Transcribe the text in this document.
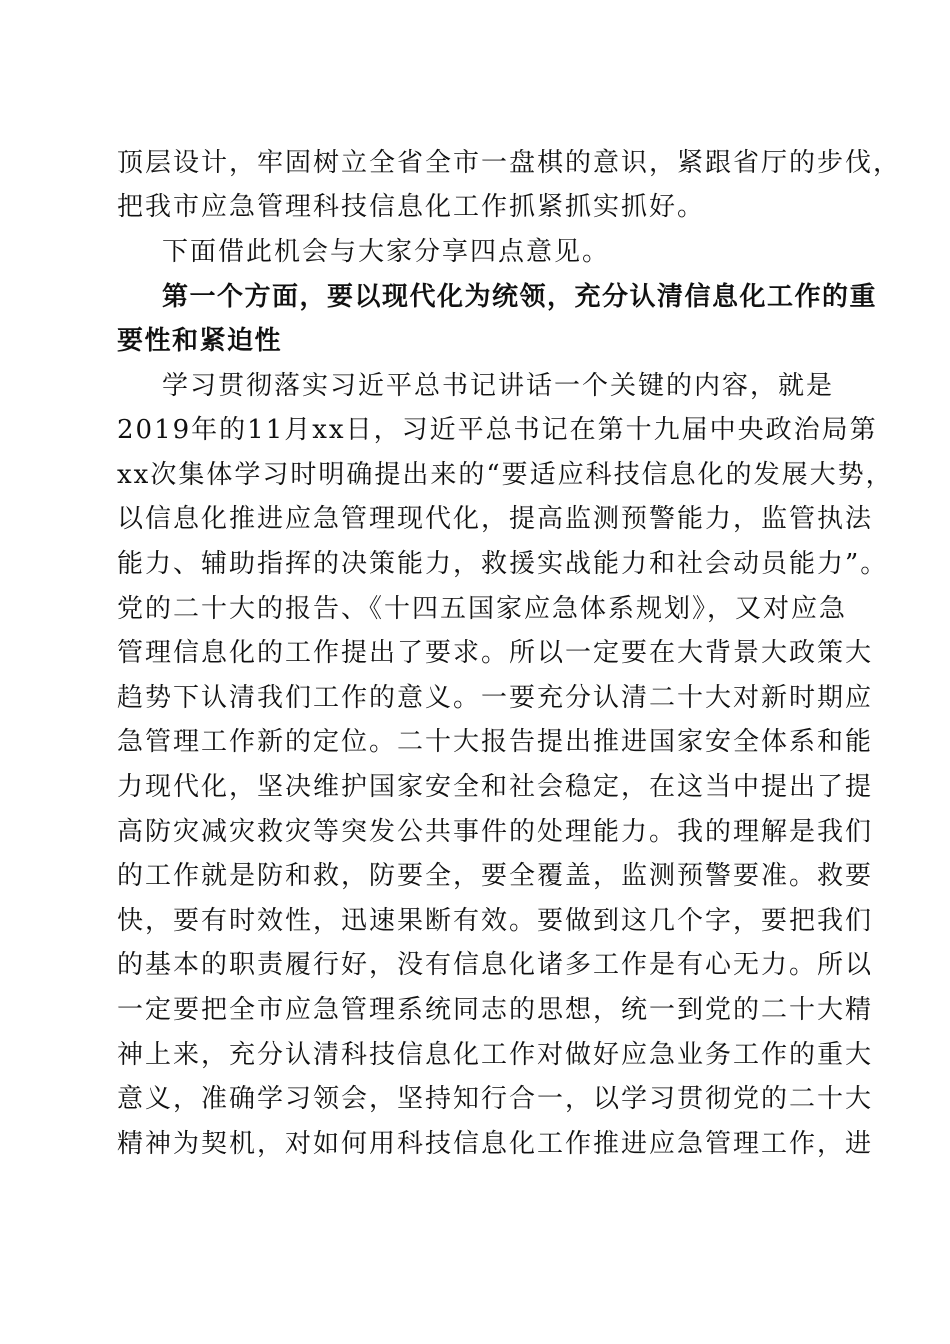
顶层设计，牢固树立全省全市一盘棋的意识，紧跟省厅的步伐，
把我市应急管理科技信息化工作抓紧抓实抓好。
下面借此机会与大家分享四点意见。
第一个方面，要以现代化为统领，充分认清信息化工作的重
要性和紧迫性
学习贯彻落实习近平总书记讲话一个关键的内容，就是
2019年的11月xx日，习近平总书记在第十九届中央政治局第
xx次集体学习时明确提出来的“要适应科技信息化的发展大势，
以信息化推进应急管理现代化，提高监测预警能力，监管执法
能力、辅助指挥的决策能力，救援实战能力和社会动员能力”。
党的二十大的报告、《十四五国家应急体系规划》，又对应急
管理信息化的工作提出了要求。所以一定要在大背景大政策大
趋势下认清我们工作的意义。一要充分认清二十大对新时期应
急管理工作新的定位。二十大报告提出推进国家安全体系和能
力现代化，坚决维护国家安全和社会稳定，在这当中提出了提
高防灾减灾救灾等突发公共事件的处理能力。我的理解是我们
的工作就是防和救，防要全，要全覆盖，监测预警要准。救要
快，要有时效性，迅速果断有效。要做到这几个字，要把我们
的基本的职责履行好，没有信息化诸多工作是有心无力。所以
一定要把全市应急管理系统同志的思想，统一到党的二十大精
神上来，充分认清科技信息化工作对做好应急业务工作的重大
意义，准确学习领会，坚持知行合一，以学习贯彻党的二十大
精神为契机，对如何用科技信息化工作推进应急管理工作，进
